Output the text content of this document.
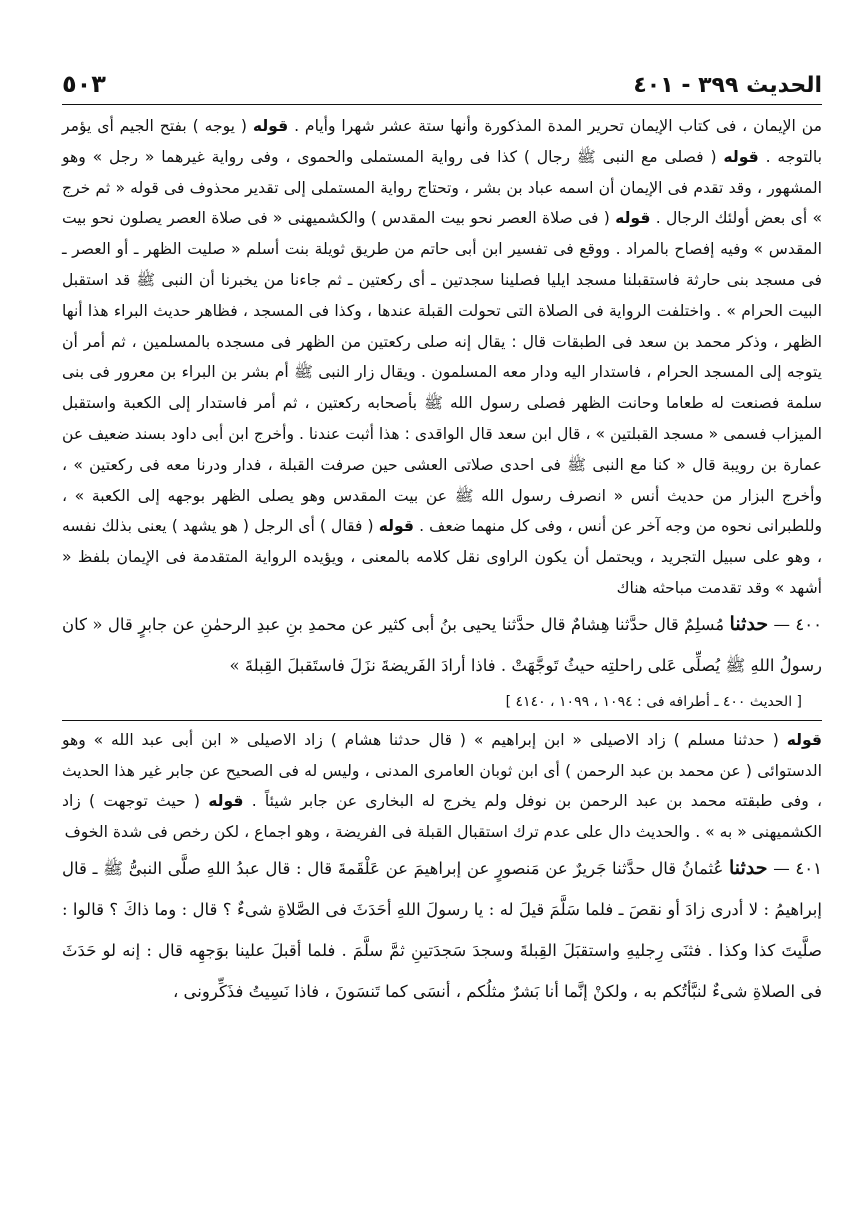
الحديث ٣٩٩ - ٤٠١
٥٠٣

من الإيمان ، فى كتاب الإيمان تحرير المدة المذكورة وأنها ستة عشر شهرا وأيام . قوله ( يوجه ) بفتح الجيم أى يؤمر بالتوجه . قوله ( فصلى مع النبى ﷺ رجال ) كذا فى رواية المستملى والحموى ، وفى رواية غيرهما « رجل » وهو المشهور ، وقد تقدم فى الإيمان أن اسمه عباد بن بشر ، وتحتاج رواية المستملى إلى تقدير محذوف فى قوله « ثم خرج » أى بعض أولئك الرجال . قوله ( فى صلاة العصر نحو بيت المقدس ) والكشميهنى « فى صلاة العصر يصلون نحو بيت المقدس » وفيه إفصاح بالمراد . ووقع فى تفسير ابن أبى حاتم من طريق ثويلة بنت أسلم « صليت الظهر ـ أو العصر ـ فى مسجد بنى حارثة فاستقبلنا مسجد ايليا فصلينا سجدتين ـ أى ركعتين ـ ثم جاءنا من يخبرنا أن النبى ﷺ قد استقبل البيت الحرام » . واختلفت الرواية فى الصلاة التى تحولت القبلة عندها ، وكذا فى المسجد ، فظاهر حديث البراء هذا أنها الظهر ، وذكر محمد بن سعد فى الطبقات قال : يقال إنه صلى ركعتين من الظهر فى مسجده بالمسلمين ، ثم أمر أن يتوجه إلى المسجد الحرام ، فاستدار اليه ودار معه المسلمون . ويقال زار النبى ﷺ أم بشر بن البراء بن معرور فى بنى سلمة فصنعت له طعاما وحانت الظهر فصلى رسول الله ﷺ بأصحابه ركعتين ، ثم أمر فاستدار إلى الكعبة واستقبل الميزاب فسمى « مسجد القبلتين » ، قال ابن سعد قال الواقدى : هذا أثبت عندنا . وأخرج ابن أبى داود بسند ضعيف عن عمارة بن رويبة قال « كنا مع النبى ﷺ فى احدى صلاتى العشى حين صرفت القبلة ، فدار ودرنا معه فى ركعتين » ، وأخرج البزار من حديث أنس « انصرف رسول الله ﷺ عن بيت المقدس وهو يصلى الظهر بوجهه إلى الكعبة » ، وللطبرانى نحوه من وجه آخر عن أنس ، وفى كل منهما ضعف . قوله ( فقال ) أى الرجل ( هو يشهد ) يعنى بذلك نفسه ، وهو على سبيل التجريد ، ويحتمل أن يكون الراوى نقل كلامه بالمعنى ، ويؤيده الرواية المتقدمة فى الإيمان بلفظ « أشهد » وقد تقدمت مباحثه هناك

٤٠٠ — حدثنا مُسلِمٌ قال حدَّثنا هِشامٌ قال حدَّثنا يحيى بنُ أبى كثير عن محمدِ بنِ عبدِ الرحمٰنِ عن جابرٍ قال « كان رسولُ اللهِ ﷺ يُصلِّى عَلى راحلتِه حيثُ تَوجَّهَتْ . فاذا أرادَ الفَريضةَ نزَلَ فاستَقبلَ القِبلةَ »

[ الحديث ٤٠٠ ـ أطرافه فى : ١٠٩٤ ، ١٠٩٩ ، ٤١٤٠ ]

قوله ( حدثنا مسلم ) زاد الاصيلى « ابن إبراهيم » ( قال حدثنا هشام ) زاد الاصيلى « ابن أبى عبد الله » وهو الدستوائى ( عن محمد بن عبد الرحمن ) أى ابن ثوبان العامرى المدنى ، وليس له فى الصحيح عن جابر غير هذا الحديث ، وفى طبقته محمد بن عبد الرحمن بن نوفل ولم يخرج له البخارى عن جابر شيئاً . قوله ( حيث توجهت ) زاد الكشميهنى « به » . والحديث دال على عدم ترك استقبال القبلة فى الفريضة ، وهو اجماع ، لكن رخص فى شدة الخوف

٤٠١ — حدثنا عُثمانُ قال حدَّثنا جَريرٌ عن مَنصورٍ عن إبراهيمَ عن عَلْقَمةَ قال : قال عبدُ اللهِ صلَّى النبىُّ ﷺ ـ قال إبراهيمُ : لا أدرى زادَ أو نقصَ ـ فلما سَلَّمَ قيلَ له : يا رسولَ اللهِ أحَدَثَ فى الصَّلاةِ شىءٌ ؟ قال : وما ذاكَ ؟ قالوا : صلَّيتَ كذا وكذا . فثنَى رِجليهِ واستقبَلَ القِبلةَ وسجدَ سَجدَتينِ ثمَّ سلَّمَ . فلما أقبلَ علينا بوَجهِه قال : إنه لو حَدَثَ فى الصلاةِ شىءٌ لنبَّأتُكم به ، ولكنْ إنَّما أنا بَشرٌ مثلُكم ، أنسَى كما تَنسَونَ ، فاذا نَسِيتُ فذَكِّرونى ،
